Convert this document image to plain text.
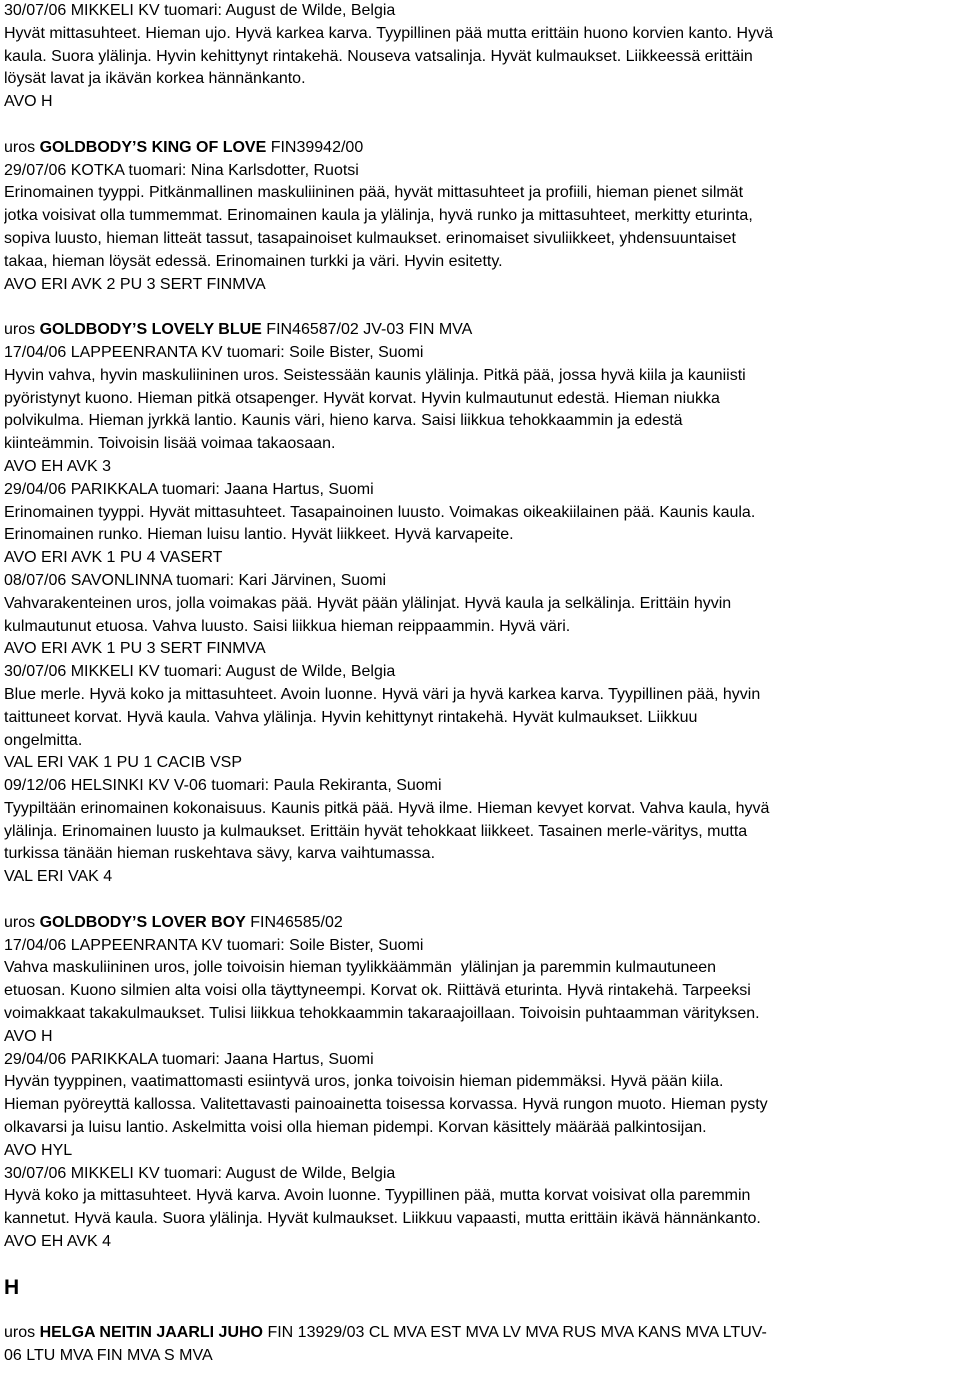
30/07/06 MIKKELI KV tuomari: August de Wilde, Belgia
Hyvät mittasuhteet. Hieman ujo. Hyvä karkea karva. Tyypillinen pää mutta erittäin huono korvien kanto. Hyvä
kaula. Suora ylälinja. Hyvin kehittynyt rintakehä. Nouseva vatsalinja. Hyvät kulmaukset. Liikkeessä erittäin
löysät lavat ja ikävän korkea hännänkanto.
AVO H
uros GOLDBODY’S KING OF LOVE FIN39942/00
29/07/06 KOTKA tuomari: Nina Karlsdotter, Ruotsi
Erinomainen tyyppi. Pitkänmallinen maskuliininen pää, hyvät mittasuhteet ja profiili, hieman pienet silmät
jotka voisivat olla tummemmat. Erinomainen kaula ja ylälinja, hyvä runko ja mittasuhteet, merkitty eturinta,
sopiva luusto, hieman litteät tassut, tasapainoiset kulmaukset. erinomaiset sivuliikkeet, yhdensuuntaiset
takaa, hieman löysät edessä. Erinomainen turkki ja väri. Hyvin esitetty.
AVO ERI AVK 2 PU 3 SERT FINMVA
uros GOLDBODY’S LOVELY BLUE FIN46587/02 JV-03 FIN MVA
17/04/06 LAPPEENRANTA KV tuomari: Soile Bister, Suomi
Hyvin vahva, hyvin maskuliininen uros. Seistessään kaunis ylälinja. Pitkä pää, jossa hyvä kiila ja kauniisti
pyöristynyt kuono. Hieman pitkä otsapenger. Hyvät korvat. Hyvin kulmautunut edestä. Hieman niukka
polvikulma. Hieman jyrkkä lantio. Kaunis väri, hieno karva. Saisi liikkua tehokkaammin ja edestä
kiinteämmin. Toivoisin lisää voimaa takaosaan.
AVO EH AVK 3
29/04/06 PARIKKALA tuomari: Jaana Hartus, Suomi
Erinomainen tyyppi. Hyvät mittasuhteet. Tasapainoinen luusto. Voimakas oikeakiilainen pää. Kaunis kaula.
Erinomainen runko. Hieman luisu lantio. Hyvät liikkeet. Hyvä karvapeite.
AVO ERI AVK 1 PU 4 VASERT
08/07/06 SAVONLINNA tuomari: Kari Järvinen, Suomi
Vahvarakenteinen uros, jolla voimakas pää. Hyvät pään ylälinjat. Hyvä kaula ja selkälinja. Erittäin hyvin
kulmautunut etuosa. Vahva luusto. Saisi liikkua hieman reippaammin. Hyvä väri.
AVO ERI AVK 1 PU 3 SERT FINMVA
30/07/06 MIKKELI KV tuomari: August de Wilde, Belgia
Blue merle. Hyvä koko ja mittasuhteet. Avoin luonne. Hyvä väri ja hyvä karkea karva. Tyypillinen pää, hyvin
taittuneet korvat. Hyvä kaula. Vahva ylälinja. Hyvin kehittynyt rintakehä. Hyvät kulmaukset. Liikkuu
ongelmitta.
VAL ERI VAK 1 PU 1 CACIB VSP
09/12/06 HELSINKI KV V-06 tuomari: Paula Rekiranta, Suomi
Tyypiltään erinomainen kokonaisuus. Kaunis pitkä pää. Hyvä ilme. Hieman kevyet korvat. Vahva kaula, hyvä
ylälinja. Erinomainen luusto ja kulmaukset. Erittäin hyvät tehokkaat liikkeet. Tasainen merle-väritys, mutta
turkissa tänään hieman ruskehtava sävy, karva vaihtumassa.
VAL ERI VAK 4
uros GOLDBODY’S LOVER BOY FIN46585/02
17/04/06 LAPPEENRANTA KV tuomari: Soile Bister, Suomi
Vahva maskuliininen uros, jolle toivoisin hieman tyylikkäämmän  ylälinjan ja paremmin kulmautuneen
etuosan. Kuono silmien alta voisi olla täyttyneempi. Korvat ok. Riittävä eturinta. Hyvä rintakehä. Tarpeeksi
voimakkaat takakulmaukset. Tulisi liikkua tehokkaammin takaraajoillaan. Toivoisin puhtaamman värityksen.
AVO H
29/04/06 PARIKKALA tuomari: Jaana Hartus, Suomi
Hyvän tyyppinen, vaatimattomasti esiintyvä uros, jonka toivoisin hieman pidemmäksi. Hyvä pään kiila.
Hieman pyöreyttä kallossa. Valitettavasti painoainetta toisessa korvassa. Hyvä rungon muoto. Hieman pysty
olkavarsi ja luisu lantio. Askelmitta voisi olla hieman pidempi. Korvan käsittely määrää palkintosijan.
AVO HYL
30/07/06 MIKKELI KV tuomari: August de Wilde, Belgia
Hyvä koko ja mittasuhteet. Hyvä karva. Avoin luonne. Tyypillinen pää, mutta korvat voisivat olla paremmin
kannetut. Hyvä kaula. Suora ylälinja. Hyvät kulmaukset. Liikkuu vapaasti, mutta erittäin ikävä hännänkanto.
AVO EH AVK 4
H
uros HELGA NEITIN JAARLI JUHO FIN 13929/03 CL MVA EST MVA LV MVA RUS MVA KANS MVA LTUV-
06 LTU MVA FIN MVA S MVA
